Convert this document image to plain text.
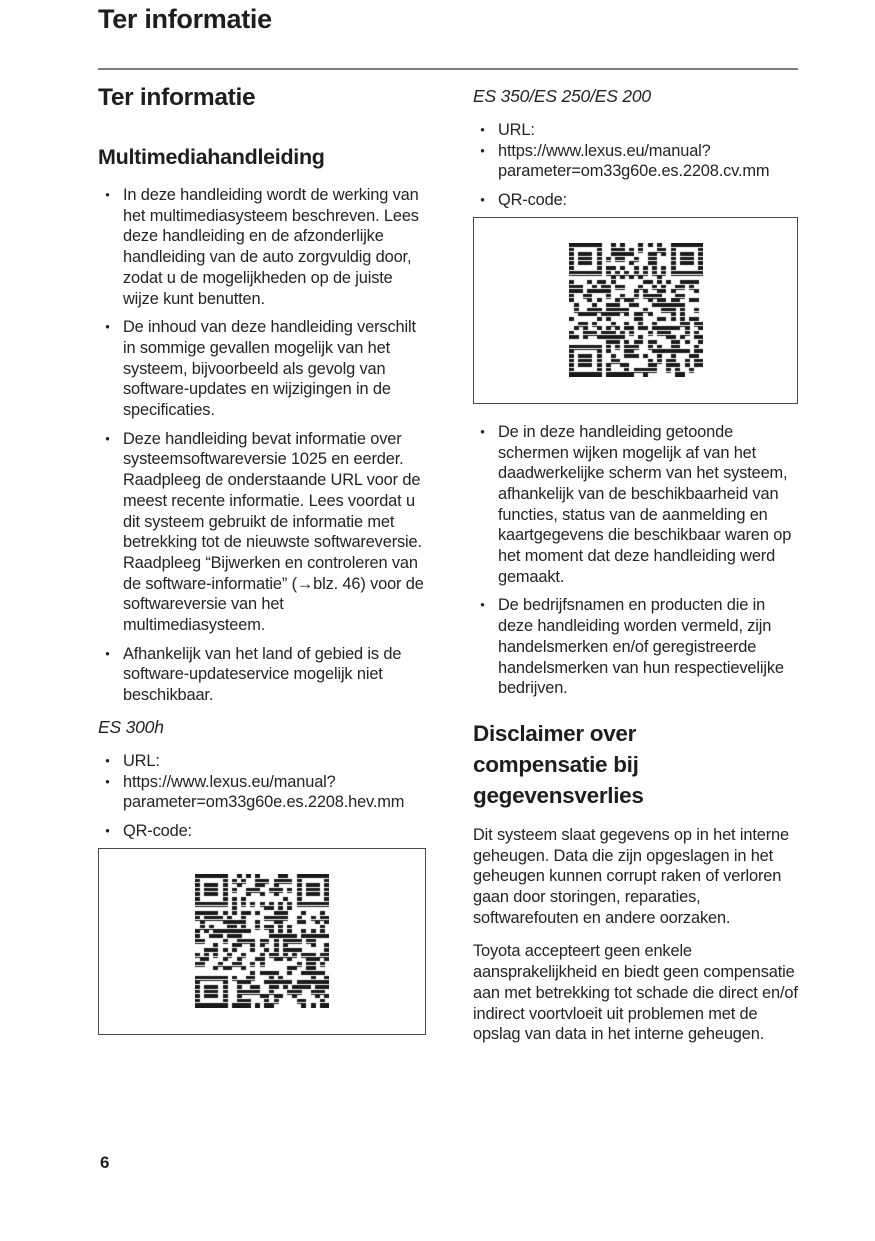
Ter informatie
Ter informatie
Multimediahandleiding
• In deze handleiding wordt de werking van het multimediasysteem beschreven. Lees deze handleiding en de afzonderlijke handleiding van de auto zorgvuldig door, zodat u de mogelijkheden op de juiste wijze kunt benutten.
• De inhoud van deze handleiding verschilt in sommige gevallen mogelijk van het systeem, bijvoorbeeld als gevolg van software-updates en wijzigingen in de specificaties.
• Deze handleiding bevat informatie over systeemsoftwareversie 1025 en eerder. Raadpleeg de onderstaande URL voor de meest recente informatie. Lees voordat u dit systeem gebruikt de informatie met betrekking tot de nieuwste softwareversie. Raadpleeg “Bijwerken en controleren van de software-informatie” (→blz. 46) voor de softwareversie van het multimediasysteem.
• Afhankelijk van het land of gebied is de software-updateservice mogelijk niet beschikbaar.

ES 300h

• URL:
• https://www.lexus.eu/manual?​parameter=om33g60e.es.2208.hev.mm
• QR-code:

ES 350/ES 250/ES 200

• URL:
• https://www.lexus.eu/manual?​parameter=om33g60e.es.2208.cv.mm
• QR-code:
• De in deze handleiding getoonde schermen wijken mogelijk af van het daadwerkelijke scherm van het systeem, afhankelijk van de beschikbaarheid van functies, status van de aanmelding en kaartgegevens die beschikbaar waren op het moment dat deze handleiding werd gemaakt.
• De bedrijfsnamen en producten die in deze handleiding worden vermeld, zijn handelsmerken en/of geregistreerde handelsmerken van hun respectievelijke bedrijven.
Disclaimer over compensatie bij gegevensverlies

Dit systeem slaat gegevens op in het interne geheugen. Data die zijn opgeslagen in het geheugen kunnen corrupt raken of verloren gaan door storingen, reparaties, softwarefouten en andere oorzaken.

Toyota accepteert geen enkele aansprakelijkheid en biedt geen compensatie aan met betrekking tot schade die direct en/of indirect voortvloeit uit problemen met de opslag van data in het interne geheugen.

6
